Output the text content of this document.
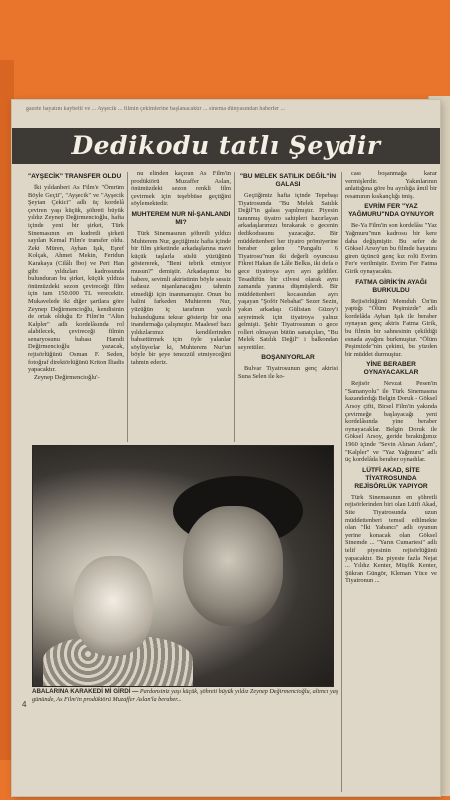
gazete hayatını kaybetti ve ... Ayşecik ... filmin çekimlerine başlanacaktır ... sinema dünyasından haberler ...
Dedikodu tatlı Şeydir
"AYŞECİK" TRANSFER OLDU

İki yıldanberi As Film'e "Ömrüm Böyle Geçti", "Ayşecik" ve "Ayşecik Şeytan Çekici" adlı üç kordelâ çeviren yaşı küçük, şöhreti büyük yıldız Zeynep Değirmencioğlu, hafta içinde yeni bir şirket, Türk Sinemasının en kudretli şirketi sayılan Kemal Film'e transfer oldu. Zeki Müren, Ayhan Işık, Eşref Kolçak, Ahmet Mekin, Feridun Karakaya (Cilâlı İbo) ve Peri Han gibi yıldızları kadrosunda bulunduran bu şirket, küçük yıldıza önümüzdeki sezon çevireceği film için tam 150.000 TL verecektir. Mukavelede iki diğer şartlara göre Zeynep Değirmencioğlu, kendisinin de ortak olduğu Er Film'in "Altın Kalpler" adlı kordelâsında rol alabilecek, çevireceği filmin senaryosunu babası Hamdi Değirmencioğlu yazacak, rejisörlüğünü Osman F. Seden, fotoğraf direktörlüğünü Kriton İliadis yapacaktır.

Zeynep Değirmencioğlu'-

nu elinden kaçıran As Film'in prodüktörü Muzaffer Aslan, önümüzdeki sezon renkli film çevirmek için teşebbüse geçtiğini söylemektedir.

MUHTEREM NUR Nİ-ŞANLANDI MI?

Türk Sinemasının şöhretli yıldızı Muhterem Nur, geçtiğimiz hafta içinde bir film şirketinde arkadaşlarına mavi küçük taşlarla süslü yüzüğünü göstererek, "Beni tebrik etmiyor musun?" demiştir. Arkadaşımız bu habere, sevimli aktristinin böyle sessiz sedasız nişanlanacağını tahmin etmediği için inanmamıştır. Onun bu halini farkeden Muhterem Nur, yüzüğün iç tarafının yazılı bulunduğunu tekrar gösterip bir ona inandırmağa çalışmıştır. Maalesef bazı yıldızlarımız kendilerinden bahsettirmek için öyle yalanlar söylüyorlar ki, Muhterem Nur'un böyle bir şeye tenezzül etmiyeceğini tahmin ederiz.

"BU MELEK SATILIK DEĞİL"İN GALASI

Geçtiğimiz hafta içinde Tepebaşı Tiyatrosunda "Bu Melek Satılık Değil"in galası yapılmıştır. Piyesin tanınmış tiyatro sahipleri hazırlayan arkadaşlarımızı bırakarak o gecenin dedikodusunu yazacağız. Bir müddettenberi her tiyatro prömiyerine beraber gelen "Pangaltı 6 Tiyatrosu"nun iki değerli oyuncusu Fikret Hakan ile Lâle Belkıs, iki defa o gece tiyatroya ayrı ayrı geldiler. Tesadüfün bir cilvesi olarak aynı zamanda yanına düşmüşlerdi. Bir müddettenberi kocasından ayrı yaşayan "Şoför Nebahat" Sezer Sezin, yakın arkadaşı Gülistan Güzey'i seyretmek için tiyatroya yalnız gelmişti. Şehir Tiyatrosunun o gece rolleri olmayan bütün sanatçıları, "Bu Melek Satılık Değil" i balkondan seyrettiler.

BOŞANIYORLAR

Bulvar Tiyatrosunun genç aktrisi Suna Selen ile ko-

cası boşanmağa karar vermişlerdir. Yakınlarının anlattığına göre bu ayrılığa âmil bir resamının kıskançlığı imiş.

EVRİM FER "YAZ YAĞMURU"NDA OYNUYOR

Be-Ya Film'in son kordelâsı "Yaz Yağmuru"nun kadrosu bir kere daha değişmiştir. Bu sefer de Göksel Arsoy'un bu filmde hayatını giren üçüncü genç kız rolü Evrim Fer'e verilmiştir. Evrim Fer Fatma Girik oynayacaktı.

FATMA GİRİK'İN AYAĞI BURKULDU

Rejisörlüğünü Memduh Ün'ün yaptığı "Ölüm Peşimizde" adlı kordelâda Ayhan Işık ile beraber oynayan genç aktris Fatma Girik, bu filmin bir sahnesinin çekildiği esnada ayağını burkmuştur. "Ölüm Peşimizde"nin çekimi, bu yüzden bir müddet durmuştur.

YİNE BERABER OYNAYACAKLAR

Rejisör Nevzat Pesen'in "Samanyolu" ile Türk Sinemasına kazandırdığı Belgin Doruk - Göksel Arsoy çifti, Birsel Film'in yakında çevirmeğe başlayacağı yeni kordelâsında yine beraber oynayacaklar. Belgin Doruk ile Göksel Arsoy, geride bıraktığımız 1960 içinde "Sevin Alınan Adam", "Kalpler" ve "Yaz Yağmuru" adlı üç kordelâda beraber oynadılar.

LÜTFİ AKAD, SİTE TİYATROSUNDA REJİSÖRLÜK YAPIYOR

Türk Sinemasının en şöhretli rejisörlerinden biri olan Lütfi Akad, Site Tiyatrosunda uzun müddettenberi temsil edilmekte olan "İki Yabancı" adlı oyunun yerine konacak olan Göksel Sinemde ... "Yarın Cumartesi" adlı telif piyesinin rejisörlüğünü yapacaktır. Bu piyeste fazla Nejat ... Yıldız Kenter, Müşfik Kenter, Şükran Güngör, Kleman Yüce ve Tiyatronun ...

ABALARINA KARAKEDİ Mİ GİRDİ — Pardonsiniz yaşı küçük, şöhreti büyük yıldız Zeynep Değirmencioğlu, altıncı yaş gününde, As Film'in prodüktörü Muzaffer Aslan'la beraber...
4
